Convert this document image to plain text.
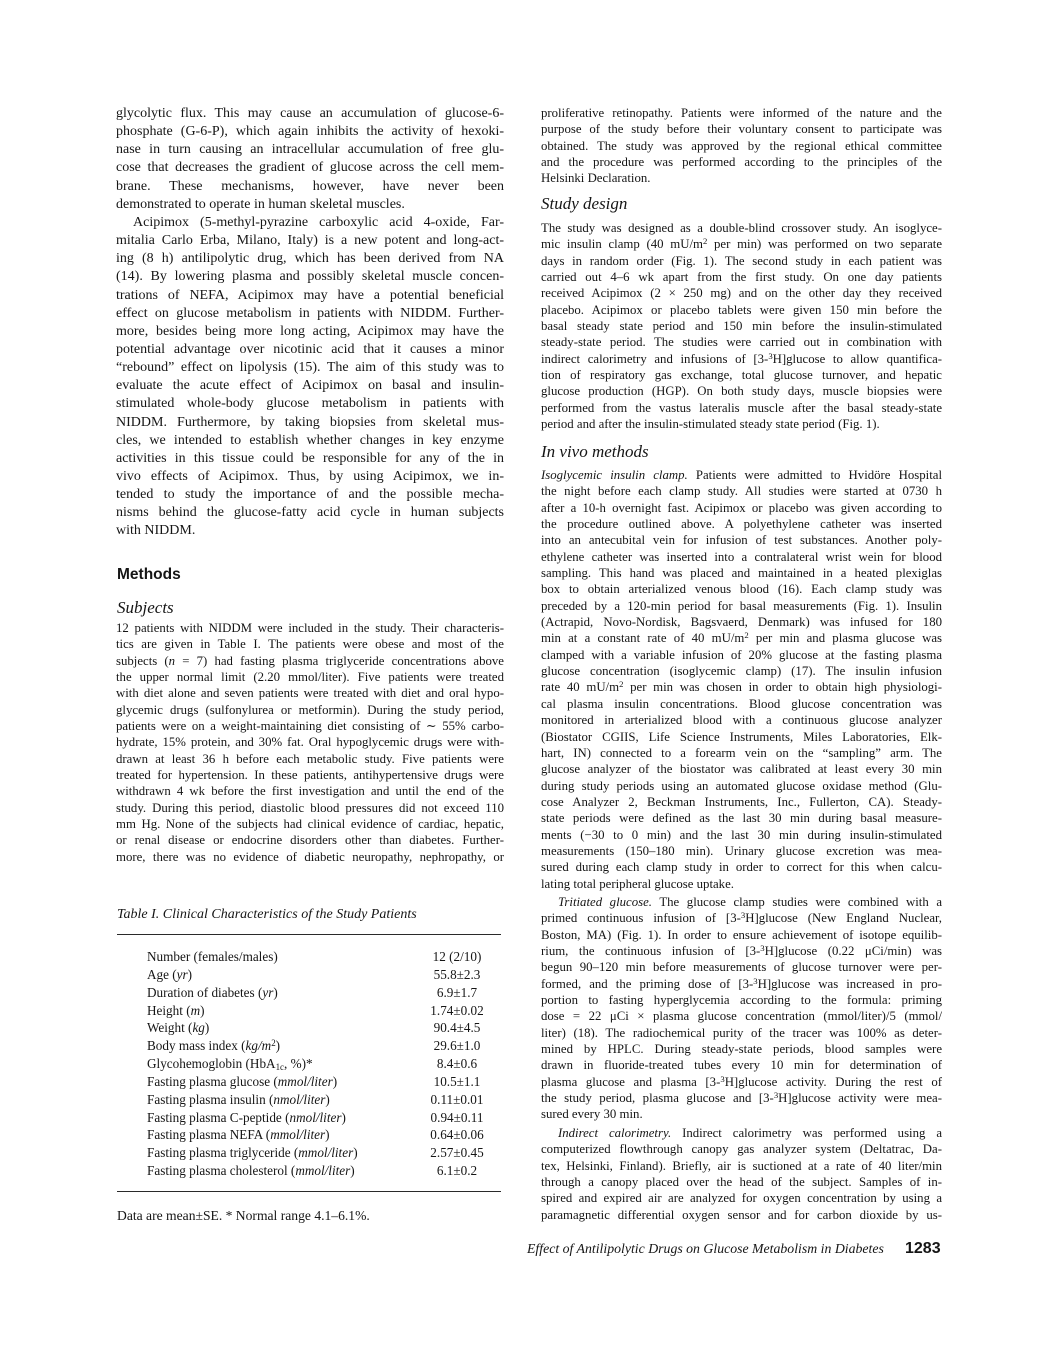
glycolytic flux. This may cause an accumulation of glucose-6-
phosphate (G-6-P), which again inhibits the activity of hexoki-
nase in turn causing an intracellular accumulation of free glu-
cose that decreases the gradient of glucose across the cell mem-
brane. These mechanisms, however, have never been
demonstrated to operate in human skeletal muscles.
Acipimox (5-methyl-pyrazine carboxylic acid 4-oxide, Far-
mitalia Carlo Erba, Milano, Italy) is a new potent and long-act-
ing (8 h) antilipolytic drug, which has been derived from NA
(14). By lowering plasma and possibly skeletal muscle concen-
trations of NEFA, Acipimox may have a potential beneficial
effect on glucose metabolism in patients with NIDDM. Further-
more, besides being more long acting, Acipimox may have the
potential advantage over nicotinic acid that it causes a minor
“rebound” effect on lipolysis (15). The aim of this study was to
evaluate the acute effect of Acipimox on basal and insulin-
stimulated whole-body glucose metabolism in patients with
NIDDM. Furthermore, by taking biopsies from skeletal mus-
cles, we intended to establish whether changes in key enzyme
activities in this tissue could be responsible for any of the in
vivo effects of Acipimox. Thus, by using Acipimox, we in-
tended to study the importance of and the possible mecha-
nisms behind the glucose-fatty acid cycle in human subjects
with NIDDM.
Methods
Subjects
12 patients with NIDDM were included in the study. Their characteris-
tics are given in Table I. The patients were obese and most of the
subjects (n = 7) had fasting plasma triglyceride concentrations above
the upper normal limit (2.20 mmol/liter). Five patients were treated
with diet alone and seven patients were treated with diet and oral hypo-
glycemic drugs (sulfonylurea or metformin). During the study period,
patients were on a weight-maintaining diet consisting of ∼ 55% carbo-
hydrate, 15% protein, and 30% fat. Oral hypoglycemic drugs were with-
drawn at least 36 h before each metabolic study. Five patients were
treated for hypertension. In these patients, antihypertensive drugs were
withdrawn 4 wk before the first investigation and until the end of the
study. During this period, diastolic blood pressures did not exceed 110
mm Hg. None of the subjects had clinical evidence of cardiac, hepatic,
or renal disease or endocrine disorders other than diabetes. Further-
more, there was no evidence of diabetic neuropathy, nephropathy, or
Table I. Clinical Characteristics of the Study Patients
Number (females/males)	12 (2/10)
Age (yr)	55.8±2.3
Duration of diabetes (yr)	6.9±1.7
Height (m)	1.74±0.02
Weight (kg)	90.4±4.5
Body mass index $(kg/m^2)$	29.6±1.0
Glycohemoglobin (HbA$_{1c}$, %)*	8.4±0.6
Fasting plasma glucose (mmol/liter)	10.5±1.1
Fasting plasma insulin (nmol/liter)	0.11±0.01
Fasting plasma C-peptide (nmol/liter)	0.94±0.11
Fasting plasma NEFA (mmol/liter)	0.64±0.06
Fasting plasma triglyceride (mmol/liter)	2.57±0.45
Fasting plasma cholesterol (mmol/liter)	6.1±0.2
Data are mean±SE. * Normal range 4.1–6.1%.
proliferative retinopathy. Patients were informed of the nature and the
purpose of the study before their voluntary consent to participate was
obtained. The study was approved by the regional ethical committee
and the procedure was performed according to the principles of the
Helsinki Declaration.
Study design
The study was designed as a double-blind crossover study. An isoglyce-
mic insulin clamp (40 $mU/m^2$ per min) was performed on two separate
days in random order (Fig. 1). The second study in each patient was
carried out 4–6 wk apart from the first study. On one day patients
received Acipimox (2 × 250 mg) and on the other day they received
placebo. Acipimox or placebo tablets were given 150 min before the
basal steady state period and 150 min before the insulin-stimulated
steady-state period. The studies were carried out in combination with
indirect calorimetry and infusions of [3-$^3$H]glucose to allow quantifica-
tion of respiratory gas exchange, total glucose turnover, and hepatic
glucose production (HGP). On both study days, muscle biopsies were
performed from the vastus lateralis muscle after the basal steady-state
period and after the insulin-stimulated steady state period (Fig. 1).
In vivo methods
Isoglycemic insulin clamp. Patients were admitted to Hvidöre Hospital
the night before each clamp study. All studies were started at 0730 h
after a 10-h overnight fast. Acipimox or placebo was given according to
the procedure outlined above. A polyethylene catheter was inserted
into an antecubital vein for infusion of test substances. Another poly-
ethylene catheter was inserted into a contralateral wrist wein for blood
sampling. This hand was placed and maintained in a heated plexiglas
box to obtain arterialized venous blood (16). Each clamp study was
preceded by a 120-min period for basal measurements (Fig. 1). Insulin
(Actrapid, Novo-Nordisk, Bagsvaerd, Denmark) was infused for 180
min at a constant rate of 40 $mU/m^2$ per min and plasma glucose was
clamped with a variable infusion of 20% glucose at the fasting plasma
glucose concentration (isoglycemic clamp) (17). The insulin infusion
rate 40 $mU/m^2$ per min was chosen in order to obtain high physiologi-
cal plasma insulin concentrations. Blood glucose concentration was
monitored in arterialized blood with a continuous glucose analyzer
(Biostator CGIIS, Life Science Instruments, Miles Laboratories, Elk-
hart, IN) connected to a forearm vein on the “sampling” arm. The
glucose analyzer of the biostator was calibrated at least every 30 min
during study periods using an automated glucose oxidase method (Glu-
cose Analyzer 2, Beckman Instruments, Inc., Fullerton, CA). Steady-
state periods were defined as the last 30 min during basal measure-
ments (−30 to 0 min) and the last 30 min during insulin-stimulated
measurements (150–180 min). Urinary glucose excretion was mea-
sured during each clamp study in order to correct for this when calcu-
lating total peripheral glucose uptake.
Tritiated glucose. The glucose clamp studies were combined with a
primed continuous infusion of [3-$^3$H]glucose (New England Nuclear,
Boston, MA) (Fig. 1). In order to ensure achievement of isotope equilib-
rium, the continuous infusion of [3-$^3$H]glucose (0.22 μCi/min) was
begun 90–120 min before measurements of glucose turnover were per-
formed, and the priming dose of [3-$^3$H]glucose was increased in pro-
portion to fasting hyperglycemia according to the formula: priming
dose = 22 μCi × plasma glucose concentration (mmol/liter)/5 (mmol/
liter) (18). The radiochemical purity of the tracer was 100% as deter-
mined by HPLC. During steady-state periods, blood samples were
drawn in fluoride-treated tubes every 10 min for determination of
plasma glucose and plasma [3-$^3$H]glucose activity. During the rest of
the study period, plasma glucose and [3-$^3$H]glucose activity were mea-
sured every 30 min.
Indirect calorimetry. Indirect calorimetry was performed using a
computerized flowthrough canopy gas analyzer system (Deltatrac, Da-
tex, Helsinki, Finland). Briefly, air is suctioned at a rate of 40 liter/min
through a canopy placed over the head of the subject. Samples of in-
spired and expired air are analyzed for oxygen concentration by using a
paramagnetic differential oxygen sensor and for carbon dioxide by us-
Effect of Antilipolytic Drugs on Glucose Metabolism in Diabetes 1283
